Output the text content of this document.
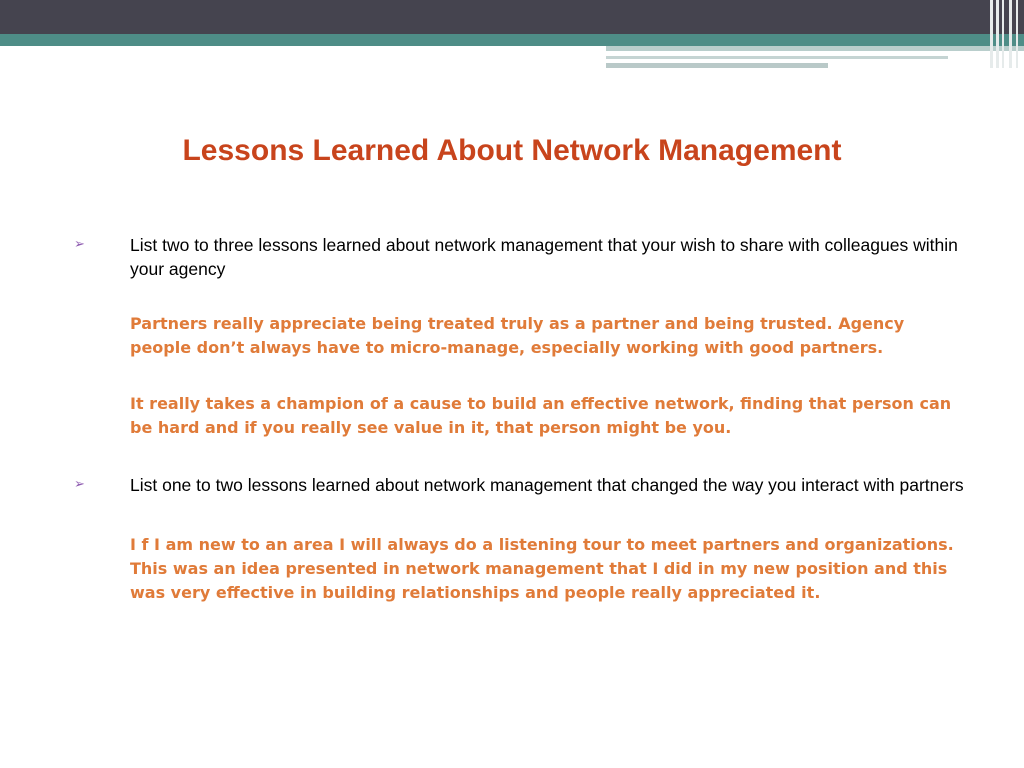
Lessons Learned About Network Management
➢	List two to three lessons learned about network management that your wish to share with colleagues within your agency
Partners really appreciate being treated truly as a partner and being trusted. Agency people don’t always have to micro-manage, especially working with good partners.
It really takes a champion of a cause to build an effective network, finding that person can be hard and if you really see value in it, that person might be you.
➢	List one to two lessons learned about network management that changed the way you interact with partners
I f I am new to an area I will always do a listening tour to meet partners and organizations. This was an idea presented in network management that I did in my new position and this was very effective in building relationships and people really appreciated it.
